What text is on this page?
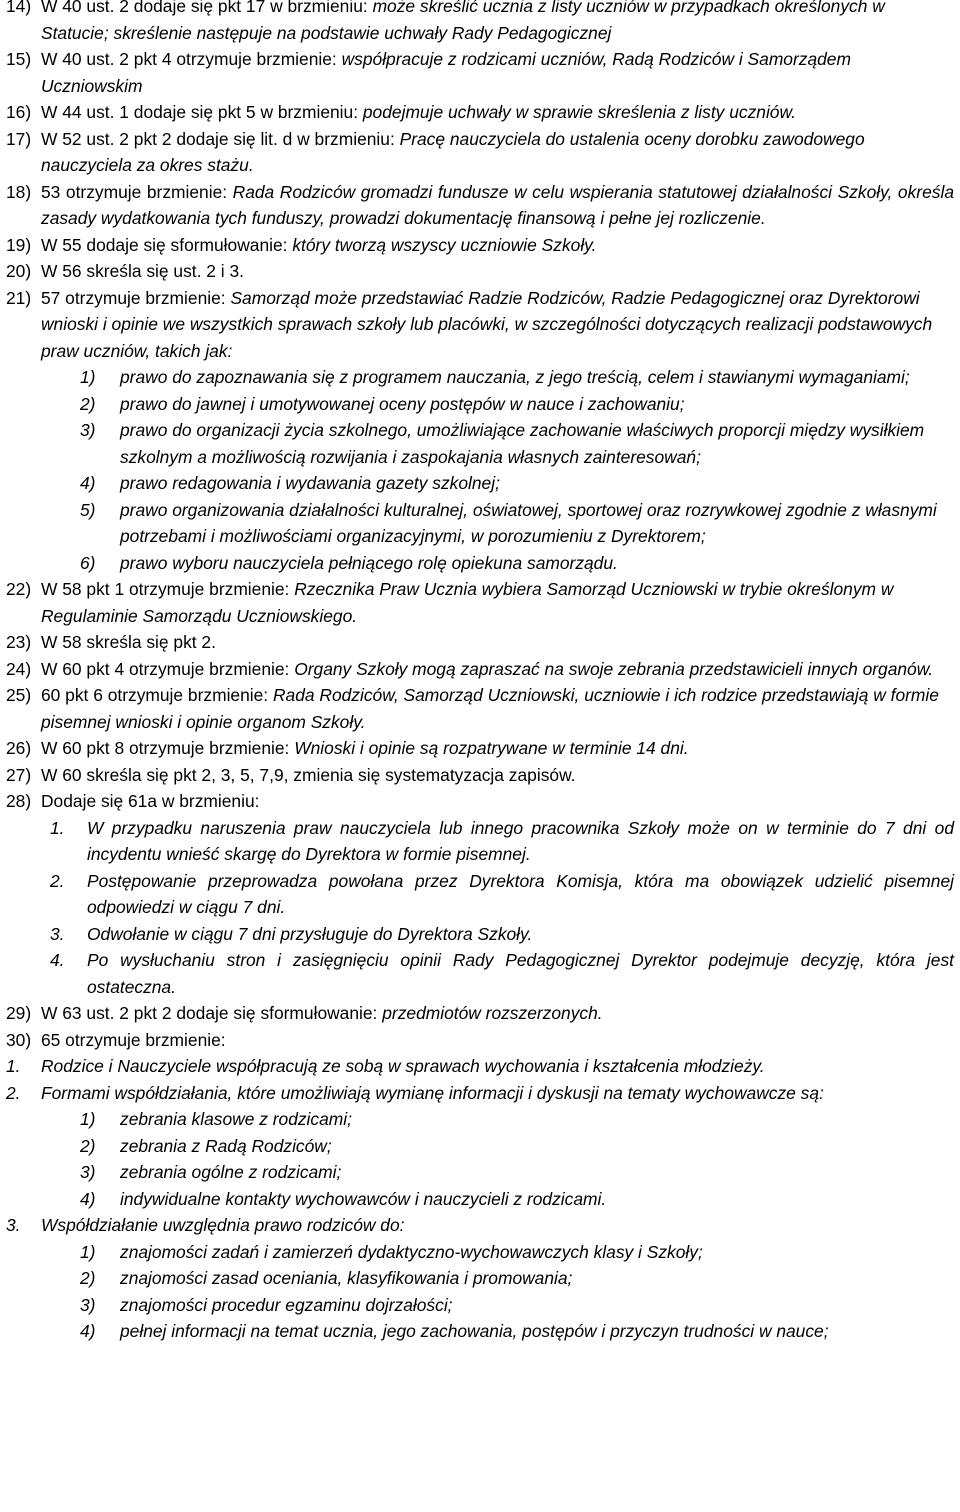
14) W 40 ust. 2 dodaje się pkt 17 w brzmieniu: może skreślić ucznia z listy uczniów w przypadkach określonych w Statucie; skreślenie następuje na podstawie uchwały Rady Pedagogicznej
15) W 40 ust. 2 pkt 4 otrzymuje brzmienie: współpracuje z rodzicami uczniów, Radą Rodziców i Samorządem Uczniowskim
16) W 44 ust. 1 dodaje się pkt 5 w brzmieniu: podejmuje uchwały w sprawie skreślenia z listy uczniów.
17) W 52 ust. 2 pkt 2 dodaje się lit. d w brzmieniu: Pracę nauczyciela do ustalenia oceny dorobku zawodowego nauczyciela za okres stażu.
18) 53 otrzymuje brzmienie: Rada Rodziców gromadzi fundusze w celu wspierania statutowej działalności Szkoły, określa zasady wydatkowania tych funduszy, prowadzi dokumentację finansową i pełne jej rozliczenie.
19) W 55 dodaje się sformułowanie: który tworzą wszyscy uczniowie Szkoły.
20) W 56 skreśla się ust. 2 i 3.
21) 57 otrzymuje brzmienie: Samorząd może przedstawiać Radzie Rodziców, Radzie Pedagogicznej oraz Dyrektorowi wnioski i opinie we wszystkich sprawach szkoły lub placówki, w szczególności dotyczących realizacji podstawowych praw uczniów, takich jak:
1) prawo do zapoznawania się z programem nauczania, z jego treścią, celem i stawianymi wymaganiami;
2) prawo do jawnej i umotywowanej oceny postępów w nauce i zachowaniu;
3) prawo do organizacji życia szkolnego, umożliwiające zachowanie właściwych proporcji między wysiłkiem szkolnym a możliwością rozwijania i zaspokajania własnych zainteresowań;
4) prawo redagowania i wydawania gazety szkolnej;
5) prawo organizowania działalności kulturalnej, oświatowej, sportowej oraz rozrywkowej zgodnie z własnymi potrzebami i możliwościami organizacyjnymi, w porozumieniu z Dyrektorem;
6) prawo wyboru nauczyciela pełniącego rolę opiekuna samorządu.
22) W 58 pkt 1 otrzymuje brzmienie: Rzecznika Praw Ucznia wybiera Samorząd Uczniowski w trybie określonym w Regulaminie Samorządu Uczniowskiego.
23) W 58 skreśla się pkt 2.
24) W 60 pkt 4 otrzymuje brzmienie: Organy Szkoły mogą zapraszać na swoje zebrania przedstawicieli innych organów.
25) 60 pkt 6 otrzymuje brzmienie: Rada Rodziców, Samorząd Uczniowski, uczniowie i ich rodzice przedstawiają w formie pisemnej wnioski i opinie organom Szkoły.
26) W 60 pkt 8 otrzymuje brzmienie: Wnioski i opinie są rozpatrywane w terminie 14 dni.
27) W 60 skreśla się pkt 2, 3, 5, 7,9, zmienia się systematyzacja zapisów.
28) Dodaje się 61a w brzmieniu:
1. W przypadku naruszenia praw nauczyciela lub innego pracownika Szkoły może on w terminie do 7 dni od incydentu wnieść skargę do Dyrektora w formie pisemnej.
2. Postępowanie przeprowadza powołana przez Dyrektora Komisja, która ma obowiązek udzielić pisemnej odpowiedzi w ciągu 7 dni.
3. Odwołanie w ciągu 7 dni przysługuje do Dyrektora Szkoły.
4. Po wysłuchaniu stron i zasięgnięciu opinii Rady Pedagogicznej Dyrektor podejmuje decyzję, która jest ostateczna.
29) W 63 ust. 2 pkt 2 dodaje się sformułowanie: przedmiotów rozszerzonych.
30) 65 otrzymuje brzmienie:
1. Rodzice i Nauczyciele współpracują ze sobą w sprawach wychowania i kształcenia młodzieży.
2. Formami współdziałania, które umożliwiają wymianę informacji i dyskusji na tematy wychowawcze są:
1) zebrania klasowe z rodzicami;
2) zebrania z Radą Rodziców;
3) zebrania ogólne z rodzicami;
4) indywidualne kontakty wychowawców i nauczycieli z rodzicami.
3. Współdziałanie uwzględnia prawo rodziców do:
1) znajomości zadań i zamierzeń dydaktyczno-wychowawczych klasy i Szkoły;
2) znajomości zasad oceniania, klasyfikowania i promowania;
3) znajomości procedur egzaminu dojrzałości;
4) pełnej informacji na temat ucznia, jego zachowania, postępów i przyczyn trudności w nauce;
